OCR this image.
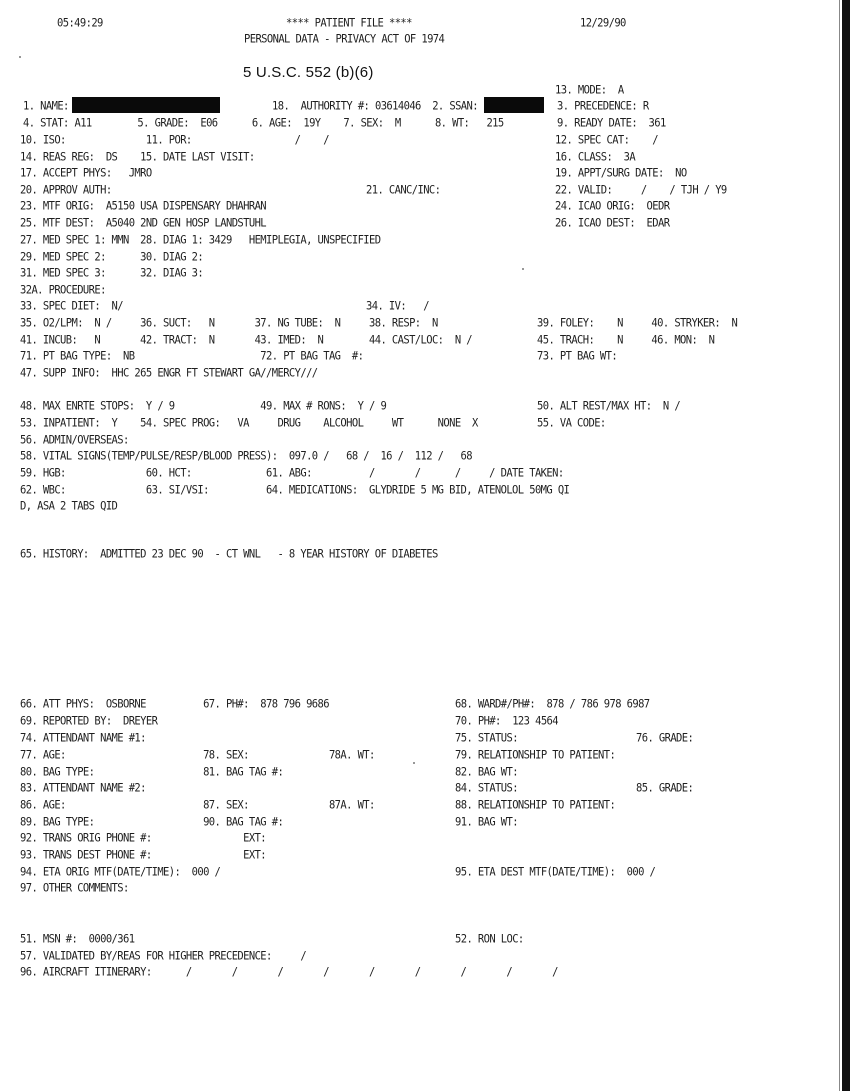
05:49:29	**** PATIENT FILE ****	12/29/90
PERSONAL DATA - PRIVACY ACT OF 1974
5 U.S.C. 552 (b)(6)
13. MODE:  A
1. NAME:	18.  AUTHORITY #: 03614046  2. SSAN:	3. PRECEDENCE: R
4. STAT: A11        5. GRADE:  E06      6. AGE:  19Y    7. SEX:  M      8. WT:   215	9. READY DATE:  361
10. ISO:              11. POR:                  /    /	12. SPEC CAT:    /
14. REAS REG:  DS    15. DATE LAST VISIT:	16. CLASS:  3A
17. ACCEPT PHYS:   JMRO	19. APPT/SURG DATE:  NO
20. APPROV AUTH:	21. CANC/INC:	22. VALID:     /    / TJH / Y9
23. MTF ORIG:  A5150 USA DISPENSARY DHAHRAN	24. ICAO ORIG:  OEDR
25. MTF DEST:  A5040 2ND GEN HOSP LANDSTUHL	26. ICAO DEST:  EDAR
27. MED SPEC 1: MMN  28. DIAG 1: 3429   HEMIPLEGIA, UNSPECIFIED
29. MED SPEC 2:      30. DIAG 2:
31. MED SPEC 3:      32. DIAG 3:
32A. PROCEDURE:
33. SPEC DIET:  N/	34. IV:   /
35. O2/LPM:  N /     36. SUCT:   N       37. NG TUBE:  N     38. RESP:  N	39. FOLEY:    N     40. STRYKER:  N
41. INCUB:   N       42. TRACT:  N       43. IMED:  N        44. CAST/LOC:  N /	45. TRACH:    N     46. MON:  N
71. PT BAG TYPE:  NB                      72. PT BAG TAG  #:	73. PT BAG WT:
47. SUPP INFO:  HHC 265 ENGR FT STEWART GA//MERCY///
48. MAX ENRTE STOPS:  Y / 9               49. MAX # RONS:  Y / 9	50. ALT REST/MAX HT:  N /
53. INPATIENT:  Y    54. SPEC PROG:   VA     DRUG    ALCOHOL     WT      NONE  X	55. VA CODE:
56. ADMIN/OVERSEAS:
58. VITAL SIGNS(TEMP/PULSE/RESP/BLOOD PRESS):  097.0 /   68 /  16 /  112 /   68
59. HGB:              60. HCT:             61. ABG:          /       /      /     / DATE TAKEN:
62. WBC:              63. SI/VSI:          64. MEDICATIONS:  GLYDRIDE 5 MG BID, ATENOLOL 50MG QI
D, ASA 2 TABS QID
65. HISTORY:  ADMITTED 23 DEC 90  - CT WNL   - 8 YEAR HISTORY OF DIABETES
66. ATT PHYS:  OSBORNE          67. PH#:  878 796 9686	68. WARD#/PH#:  878 / 786 978 6987
69. REPORTED BY:  DREYER	70. PH#:  123 4564
74. ATTENDANT NAME #1:	75. STATUS:	76. GRADE:
77. AGE:                        78. SEX:              78A. WT:	79. RELATIONSHIP TO PATIENT:
80. BAG TYPE:                   81. BAG TAG #:	82. BAG WT:
83. ATTENDANT NAME #2:	84. STATUS:	85. GRADE:
86. AGE:                        87. SEX:              87A. WT:	88. RELATIONSHIP TO PATIENT:
89. BAG TYPE:                   90. BAG TAG #:	91. BAG WT:
92. TRANS ORIG PHONE #:                EXT:
93. TRANS DEST PHONE #:                EXT:
94. ETA ORIG MTF(DATE/TIME):  000 /	95. ETA DEST MTF(DATE/TIME):  000 /
97. OTHER COMMENTS:
51. MSN #:  0000/361	52. RON LOC:
57. VALIDATED BY/REAS FOR HIGHER PRECEDENCE:     /
96. AIRCRAFT ITINERARY:      /       /       /       /       /       /       /       /       /
